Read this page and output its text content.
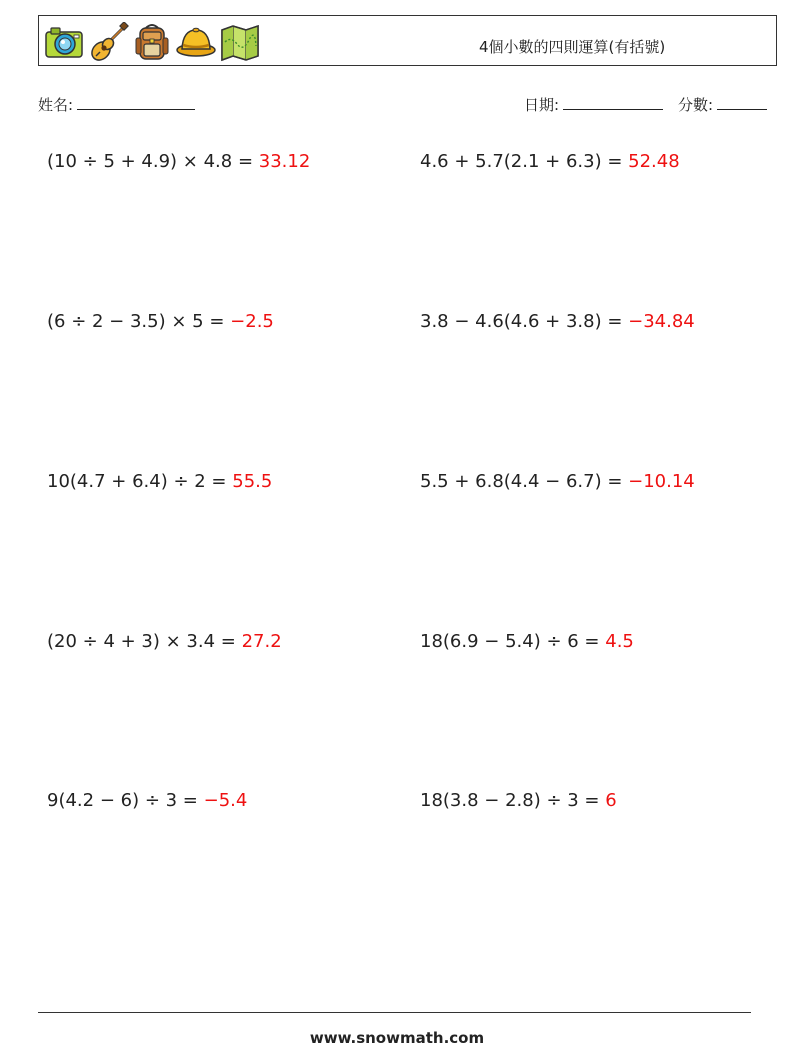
4個小數的四則運算(有括號)
姓名:	日期:	分數:
(10 ÷ 5 + 4.9) × 4.8 = 33.12	4.6 + 5.7(2.1 + 6.3) = 52.48
(6 ÷ 2 − 3.5) × 5 = −2.5	3.8 − 4.6(4.6 + 3.8) = −34.84
10(4.7 + 6.4) ÷ 2 = 55.5	5.5 + 6.8(4.4 − 6.7) = −10.14
(20 ÷ 4 + 3) × 3.4 = 27.2	18(6.9 − 5.4) ÷ 6 = 4.5
9(4.2 − 6) ÷ 3 = −5.4	18(3.8 − 2.8) ÷ 3 = 6
www.snowmath.com
